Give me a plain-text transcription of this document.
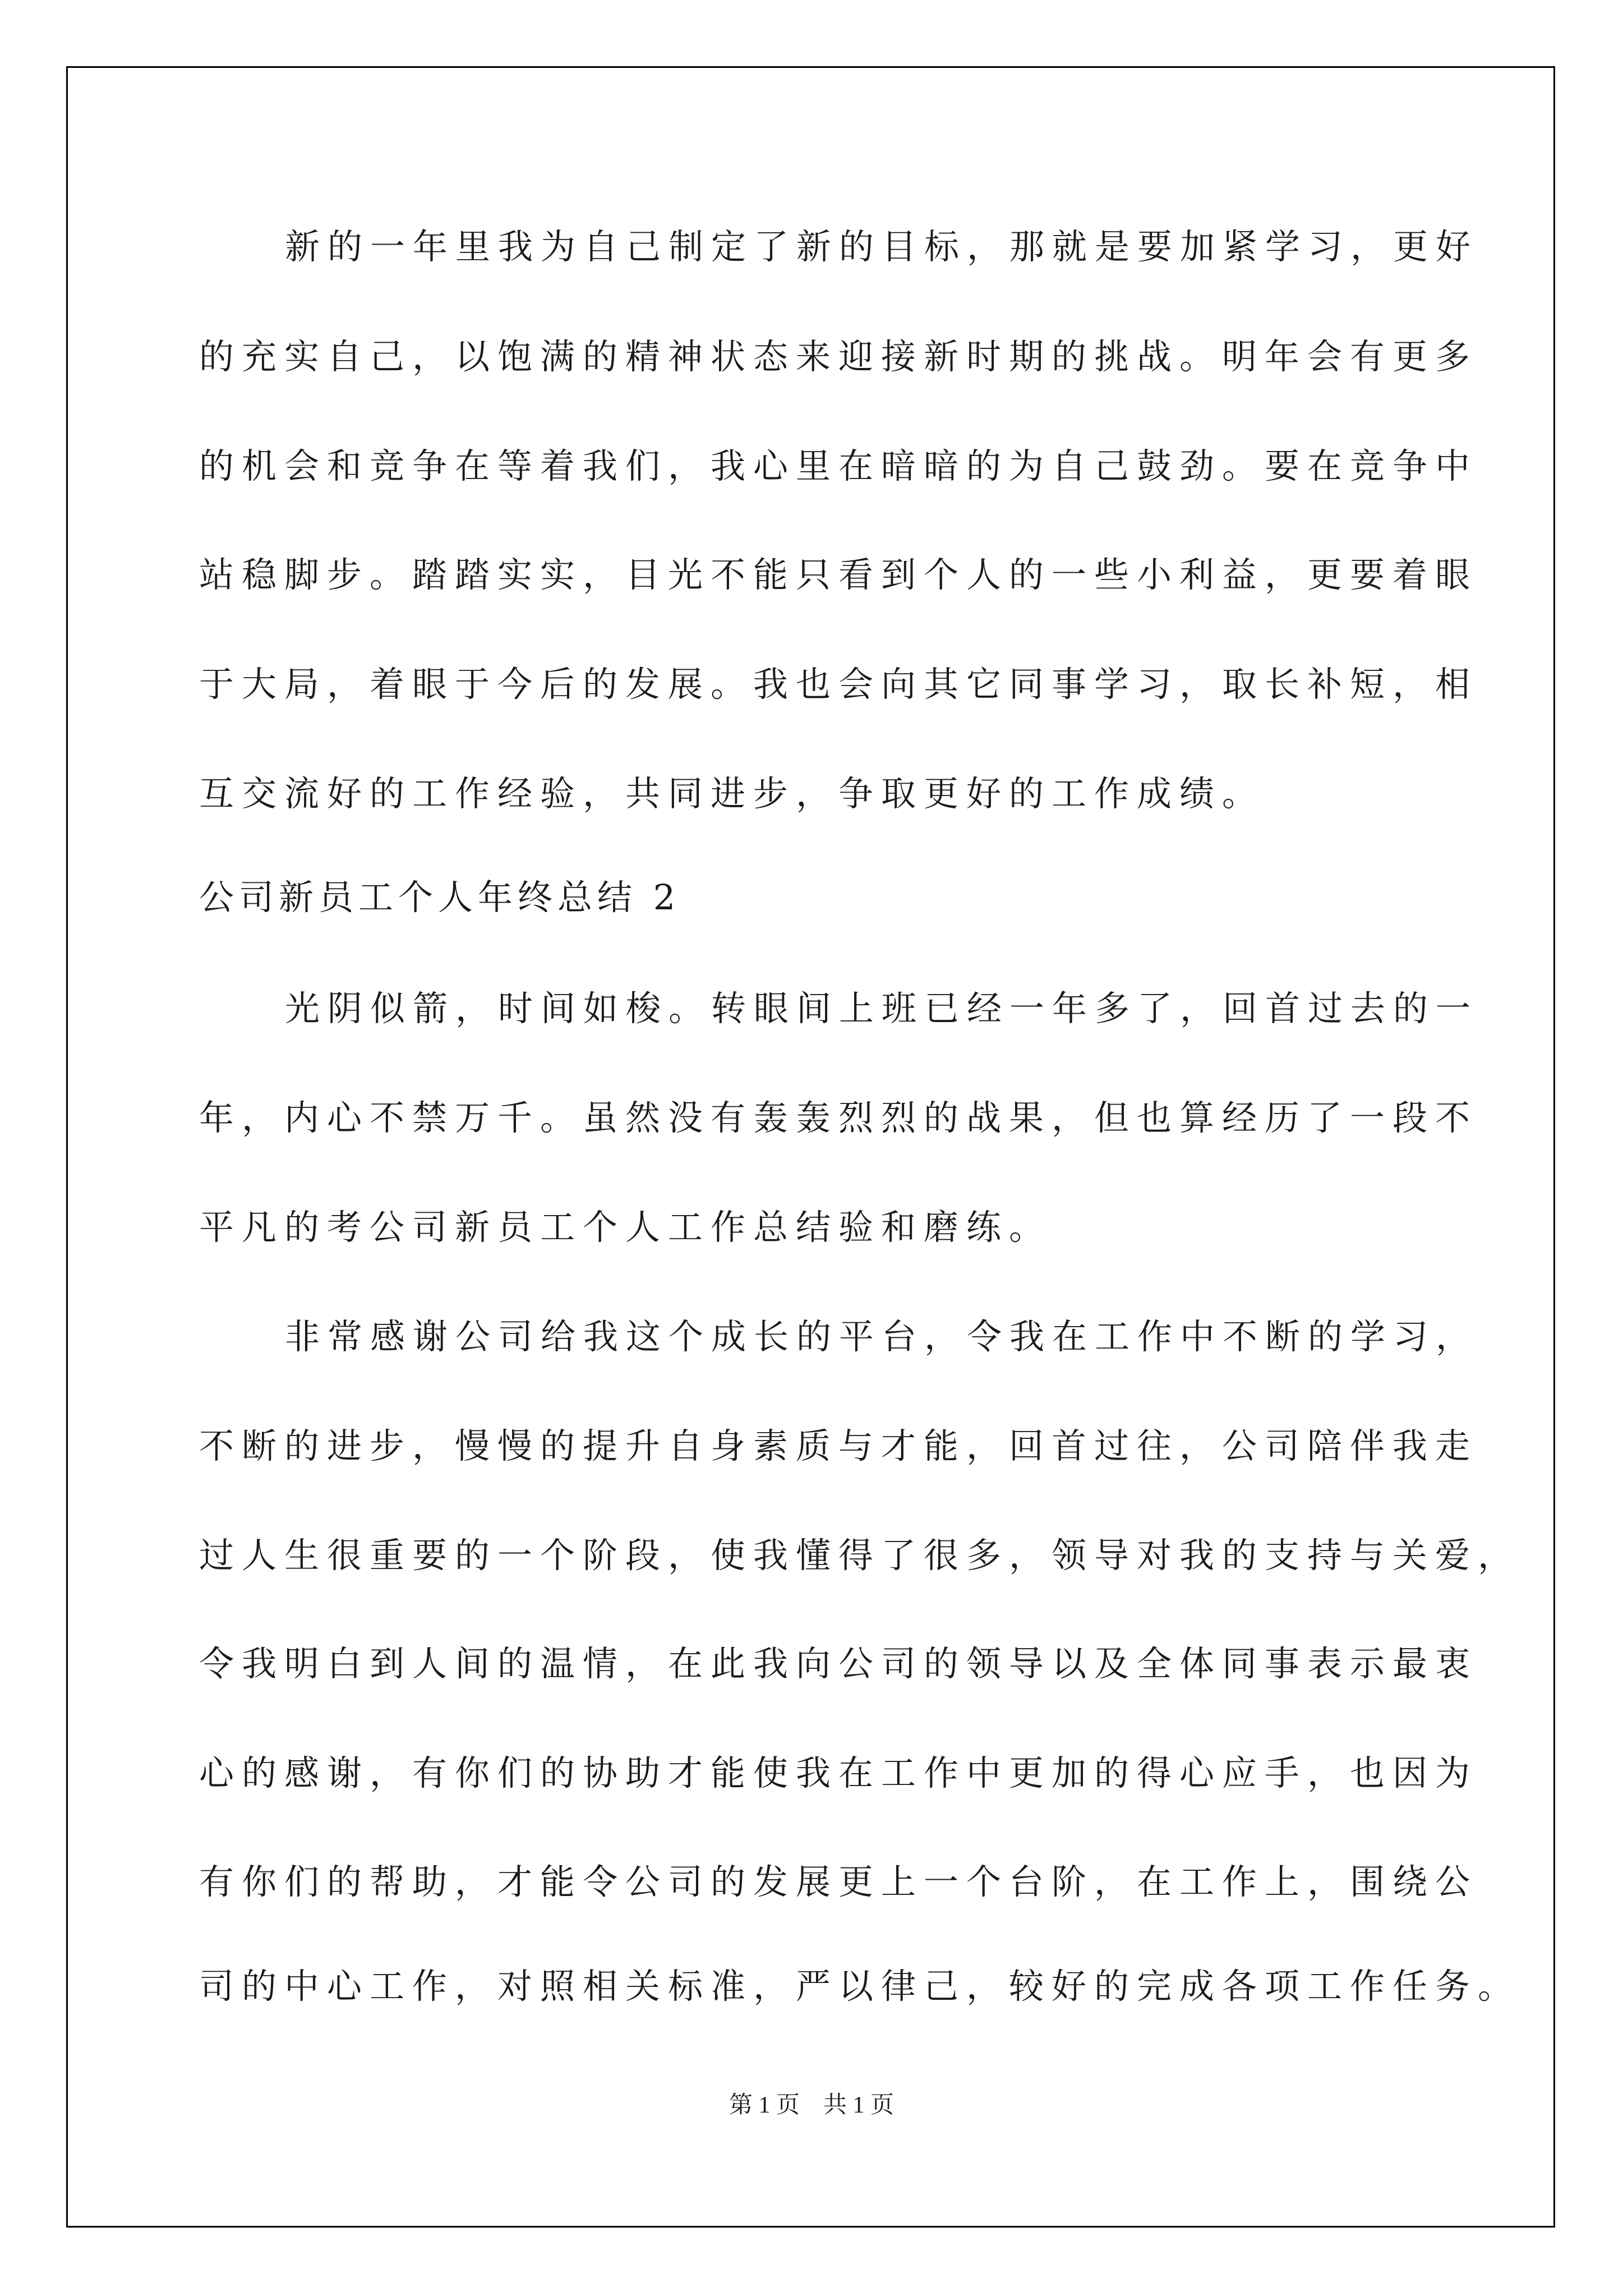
新的一年里我为自己制定了新的目标，那就是要加紧学习，更好
的充实自己，以饱满的精神状态来迎接新时期的挑战。明年会有更多
的机会和竞争在等着我们，我心里在暗暗的为自己鼓劲。要在竞争中
站稳脚步。踏踏实实，目光不能只看到个人的一些小利益，更要着眼
于大局，着眼于今后的发展。我也会向其它同事学习，取长补短，相
互交流好的工作经验，共同进步，争取更好的工作成绩。
公司新员工个人年终总结 2
光阴似箭，时间如梭。转眼间上班已经一年多了，回首过去的一
年，内心不禁万千。虽然没有轰轰烈烈的战果，但也算经历了一段不
平凡的考公司新员工个人工作总结验和磨练。
非常感谢公司给我这个成长的平台，令我在工作中不断的学习，
不断的进步，慢慢的提升自身素质与才能，回首过往，公司陪伴我走
过人生很重要的一个阶段，使我懂得了很多，领导对我的支持与关爱，
令我明白到人间的温情，在此我向公司的领导以及全体同事表示最衷
心的感谢，有你们的协助才能使我在工作中更加的得心应手，也因为
有你们的帮助，才能令公司的发展更上一个台阶，在工作上，围绕公
司的中心工作，对照相关标准，严以律己，较好的完成各项工作任务。
第 1 页    共 1 页
